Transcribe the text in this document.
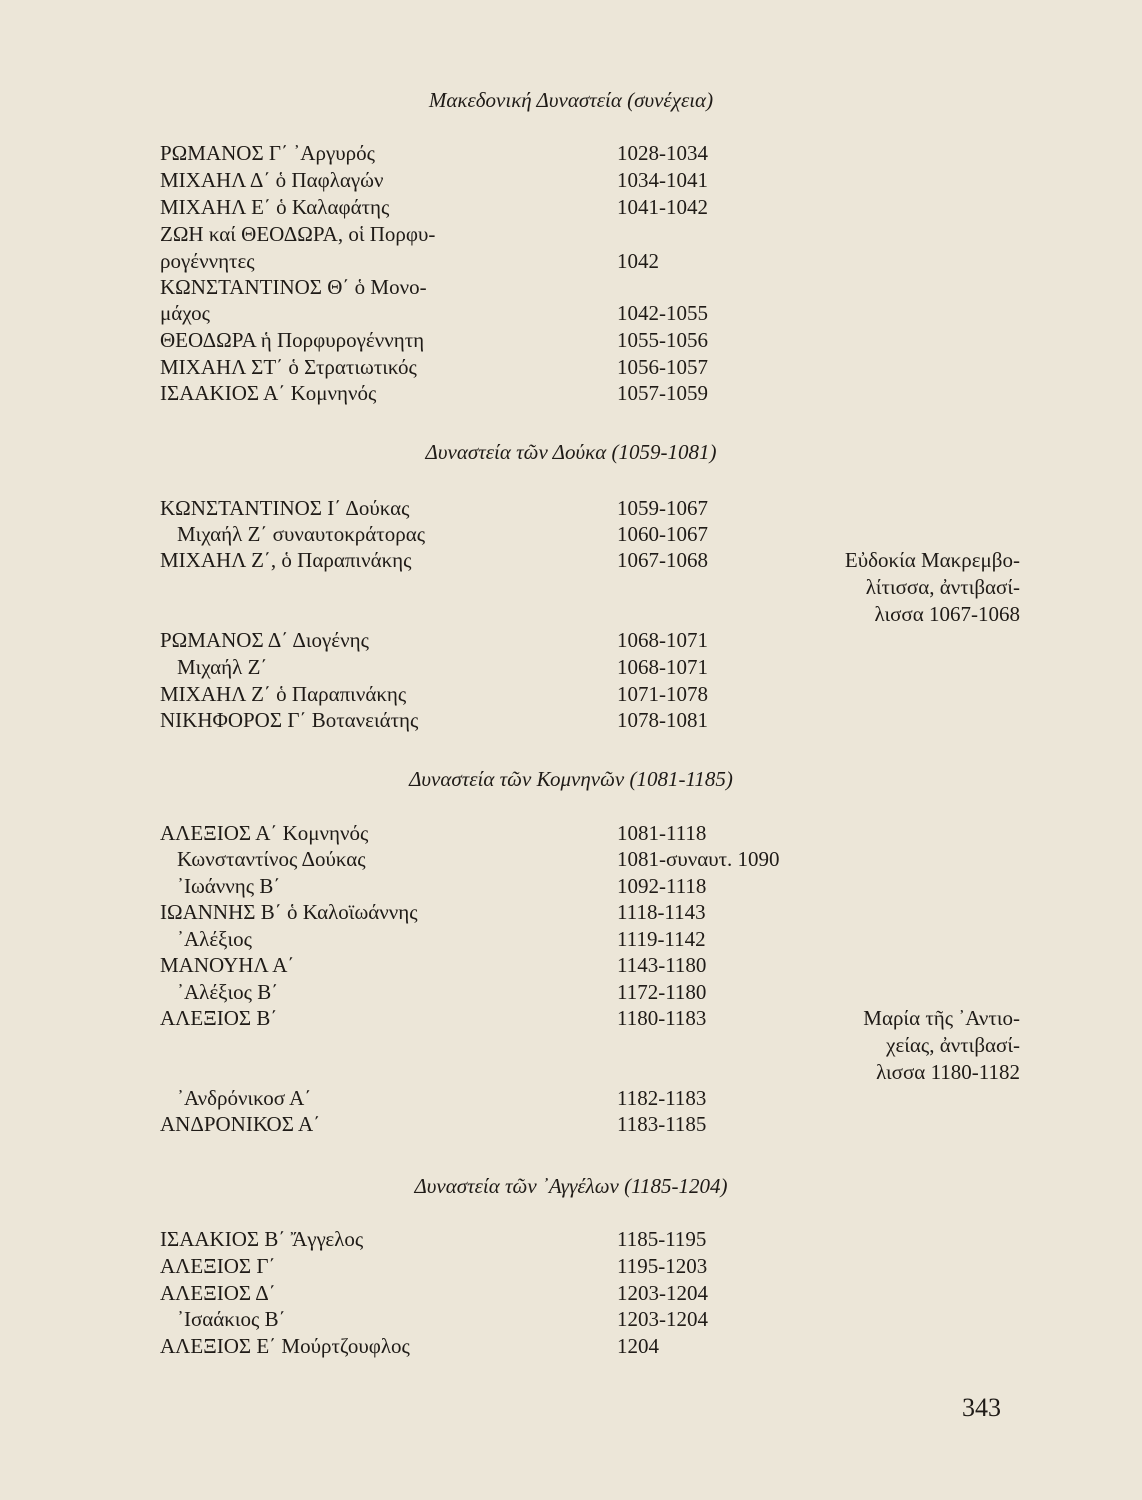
Μακεδονική Δυναστεία (συνέχεια)
ΡΩΜΑΝΟΣ Γ΄ ᾿Αργυρός	1028-1034
ΜΙΧΑΗΛ Δ΄ ὁ Παφλαγών	1034-1041
ΜΙΧΑΗΛ Ε΄ ὁ Καλαφάτης	1041-1042
ΖΩΗ καί ΘΕΟΔΩΡΑ, οἱ Πορφυ-
ρογέννητες	1042
ΚΩΝΣΤΑΝΤΙΝΟΣ Θ΄ ὁ Μονο-
μάχος	1042-1055
ΘΕΟΔΩΡΑ ἡ Πορφυρογέννητη	1055-1056
ΜΙΧΑΗΛ ΣΤ΄ ὁ Στρατιωτικός	1056-1057
ΙΣΑΑΚΙΟΣ Α΄ Κομνηνός	1057-1059
Δυναστεία τῶν Δούκα (1059-1081)
ΚΩΝΣΤΑΝΤΙΝΟΣ Ι΄ Δούκας	1059-1067
Μιχαήλ Ζ΄ συναυτοκράτορας	1060-1067
ΜΙΧΑΗΛ Ζ΄, ὁ Παραπινάκης	1067-1068	Εὐδοκία Μακρεμβο-
λίτισσα, ἀντιβασί-
λισσα 1067-1068
ΡΩΜΑΝΟΣ Δ΄ Διογένης	1068-1071
Μιχαήλ Ζ΄	1068-1071
ΜΙΧΑΗΛ Ζ΄ ὁ Παραπινάκης	1071-1078
ΝΙΚΗΦΟΡΟΣ Γ΄ Βοτανειάτης	1078-1081
Δυναστεία τῶν Κομνηνῶν (1081-1185)
ΑΛΕΞΙΟΣ Α΄ Κομνηνός	1081-1118
Κωνσταντίνος Δούκας	1081-συναυτ. 1090
᾿Ιωάννης Β΄	1092-1118
ΙΩΑΝΝΗΣ Β΄ ὁ Καλοϊωάννης	1118-1143
᾿Αλέξιος	1119-1142
ΜΑΝΟΥΗΛ Α΄	1143-1180
᾿Αλέξιος Β΄	1172-1180
ΑΛΕΞΙΟΣ Β΄	1180-1183	Μαρία τῆς ᾿Αντιο-
χείας, ἀντιβασί-
λισσα 1180-1182
᾿Ανδρόνικοσ Α΄	1182-1183
ΑΝΔΡΟΝΙΚΟΣ Α΄	1183-1185
Δυναστεία τῶν ᾿Αγγέλων (1185-1204)
ΙΣΑΑΚΙΟΣ Β΄ Ἄγγελος	1185-1195
ΑΛΕΞΙΟΣ Γ΄	1195-1203
ΑΛΕΞΙΟΣ Δ΄	1203-1204
᾿Ισαάκιος Β΄	1203-1204
ΑΛΕΞΙΟΣ Ε΄ Μούρτζουφλος	1204
343
